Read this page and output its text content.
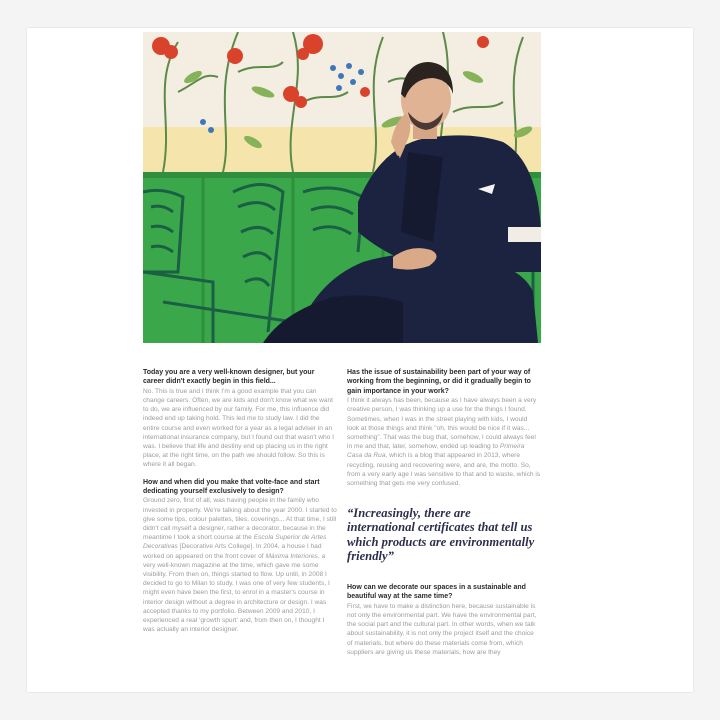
Today you are a very well-known designer, but your career didn't exactly begin in this field...

No. This is true and I think I'm a good example that you can change careers. Often, we are kids and don't know what we want to do, we are influenced by our family. For me, this influence did indeed end up taking hold. This led me to study law. I did the entire course and even worked for a year as a legal adviser in an international insurance company, but I found out that wasn't who I was. I believe that life and destiny end up placing us in the right place, at the right time, on the path we should follow. So this is where it all began.

How and when did you make that volte-face and start dedicating yourself exclusively to design?

Ground zero, first of all, was having people in the family who invested in property. We're talking about the year 2000. I started to give some tips, colour palettes, tiles, coverings... At that time, I still didn't call myself a designer, rather a decorator, because in the meantime I took a short course at the Escola Superior de Artes Decorativas [Decorative Arts College]. In 2004, a house I had worked on appeared on the front cover of Máxima Interiores, a very well-known magazine at the time, which gave me some visibility. From then on, things started to flow. Up until, in 2008 I decided to go to Milan to study. I was one of very few students, I might even have been the first, to enrol in a master's course in interior design without a degree in architecture or design. I was accepted thanks to my portfolio. Between 2009 and 2010, I experienced a real 'growth spurt' and, from then on, I thought I was actually an interior designer.

Has the issue of sustainability been part of your way of working from the beginning, or did it gradually begin to gain importance in your work?

I think it always has been, because as I have always been a very creative person, I was thinking up a use for the things I found. Sometimes, when I was in the street playing with kids, I would look at those things and think "oh, this would be nice if it was... something". That was the bug that, somehow, I could always feel in me and that, later, somehow, ended up leading to Primeira Casa da Rua, which is a blog that appeared in 2013, where recycling, reusing and recovering were, and are, the motto. So, from a very early age I was sensitive to that and to waste, which is something that gets me very confused.

“Increasingly, there are international certificates that tell us which products are environmentally friendly”

How can we decorate our spaces in a sustainable and beautiful way at the same time?

First, we have to make a distinction here, because sustainable is not only the environmental part. We have the environmental part, the social part and the cultural part. In other words, when we talk about sustainability, it is not only the project itself and the choice of materials, but where do these materials come from, which suppliers are giving us these materials, how are they
